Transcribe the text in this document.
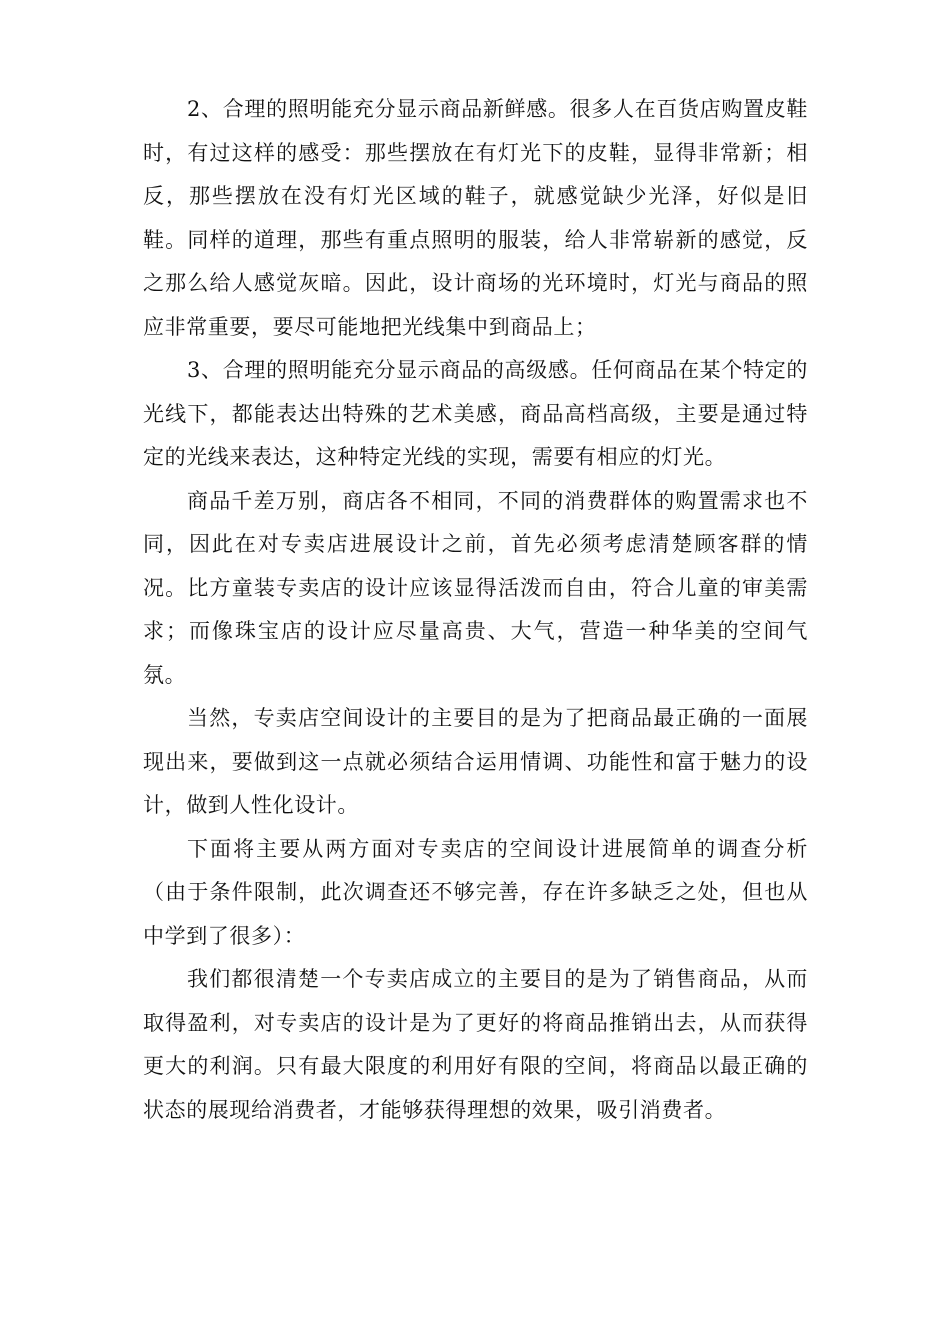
2、合理的照明能充分显示商品新鲜感。很多人在百货店购置皮鞋时，有过这样的感受：那些摆放在有灯光下的皮鞋，显得非常新；相反，那些摆放在没有灯光区域的鞋子，就感觉缺少光泽，好似是旧鞋。同样的道理，那些有重点照明的服装，给人非常崭新的感觉，反之那么给人感觉灰暗。因此，设计商场的光环境时，灯光与商品的照应非常重要，要尽可能地把光线集中到商品上；

3、合理的照明能充分显示商品的高级感。任何商品在某个特定的光线下，都能表达出特殊的艺术美感，商品高档高级，主要是通过特定的光线来表达，这种特定光线的实现，需要有相应的灯光。

商品千差万别，商店各不相同，不同的消费群体的购置需求也不同，因此在对专卖店进展设计之前，首先必须考虑清楚顾客群的情况。比方童装专卖店的设计应该显得活泼而自由，符合儿童的审美需求；而像珠宝店的设计应尽量高贵、大气，营造一种华美的空间气氛。

当然，专卖店空间设计的主要目的是为了把商品最正确的一面展现出来，要做到这一点就必须结合运用情调、功能性和富于魅力的设计，做到人性化设计。

下面将主要从两方面对专卖店的空间设计进展简单的调查分析（由于条件限制，此次调查还不够完善，存在许多缺乏之处，但也从中学到了很多）：

我们都很清楚一个专卖店成立的主要目的是为了销售商品，从而取得盈利，对专卖店的设计是为了更好的将商品推销出去，从而获得更大的利润。只有最大限度的利用好有限的空间，将商品以最正确的状态的展现给消费者，才能够获得理想的效果，吸引消费者。
